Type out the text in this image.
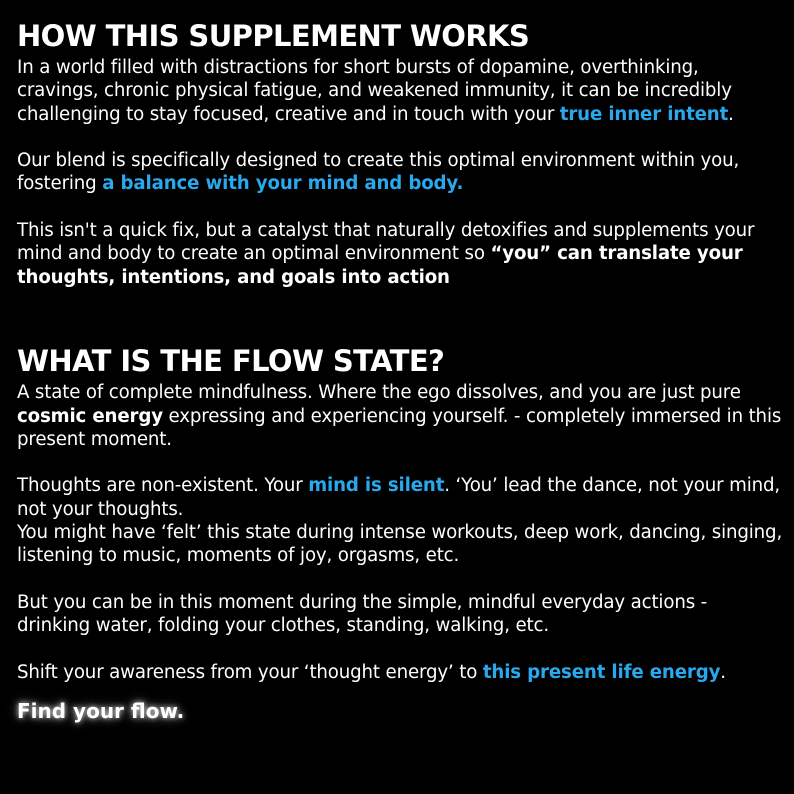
HOW THIS SUPPLEMENT WORKS

In a world filled with distractions for short bursts of dopamine, overthinking, cravings, chronic physical fatigue, and weakened immunity, it can be incredibly challenging to stay focused, creative and in touch with your true inner intent.

Our blend is specifically designed to create this optimal environment within you, fostering a balance with your mind and body.

This isn't a quick fix, but a catalyst that naturally detoxifies and supplements your mind and body to create an optimal environment so “you” can translate your thoughts, intentions, and goals into action

WHAT IS THE FLOW STATE?

A state of complete mindfulness. Where the ego dissolves, and you are just pure cosmic energy expressing and experiencing yourself. - completely immersed in this present moment.

Thoughts are non-existent. Your mind is silent. ‘You’ lead the dance, not your mind, not your thoughts.

You might have ‘felt’ this state during intense workouts, deep work, dancing, singing, listening to music, moments of joy, orgasms, etc.

But you can be in this moment during the simple, mindful everyday actions - drinking water, folding your clothes, standing, walking, etc.

Shift your awareness from your ‘thought energy’ to this present life energy.

Find your flow.
